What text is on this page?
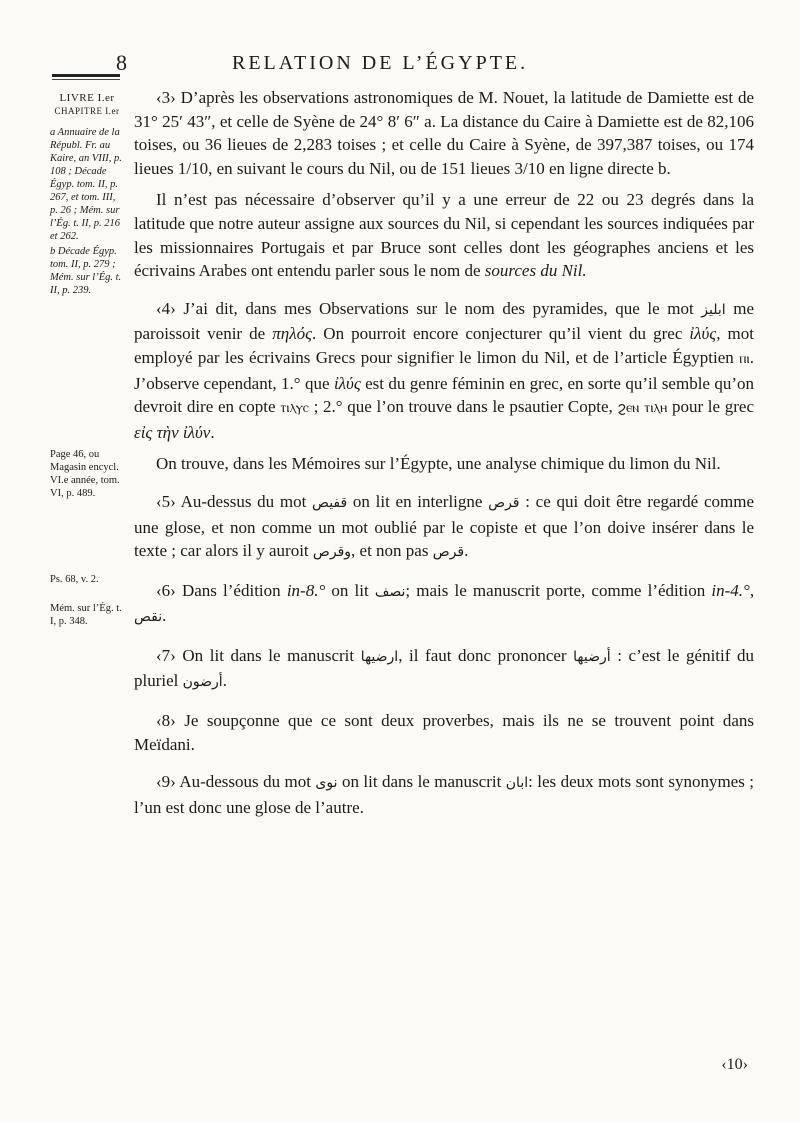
8	RELATION DE L’ÉGYPTE.
LIVRE I.er
CHAPITRE I.er
a Annuaire de la Républ. Fr. au Kaire, an VIII, p. 108 ; Décade Égyp. tom. II, p. 267, et tom. III, p. 26 ; Mém. sur l’Ég. t. II, p. 216 et 262.
b Décade Égyp. tom. II, p. 279 ; Mém. sur l’Ég. t. II, p. 239.
Page 46, ou Magasin encycl. VI.e année, tom. VI, p. 489.
Ps. 68, v. 2.
Mém. sur l’Ég. t. I, p. 348.

‹3› D’après les observations astronomiques de M. Nouet, la latitude de Damiette est de 31° 25′ 43″, et celle de Syène de 24° 8′ 6″ a. La distance du Caire à Damiette est de 82,106 toises, ou 36 lieues de 2,283 toises ; et celle du Caire à Syène, de 397,387 toises, ou 174 lieues 1/10, en suivant le cours du Nil, ou de 151 lieues 3/10 en ligne directe b.

Il n’est pas nécessaire d’observer qu’il y a une erreur de 22 ou 23 degrés dans la latitude que notre auteur assigne aux sources du Nil, si cependant les sources indiquées par les missionnaires Portugais et par Bruce sont celles dont les géographes anciens et les écrivains Arabes ont entendu parler sous le nom de sources du Nil.

‹4› J’ai dit, dans mes Observations sur le nom des pyramides, que le mot ابليز me paroissoit venir de πηλός. On pourroit encore conjecturer qu’il vient du grec ἰλύς, mot employé par les écrivains Grecs pour signifier le limon du Nil, et de l’article Égyptien ⲡⲓ. J’observe cependant, 1.° que ἰλύς est du genre féminin en grec, en sorte qu’il semble qu’on devroit dire en copte ⲧⲓⲗⲩⲥ ; 2.° que l’on trouve dans le psautier Copte, ϩⲉⲛ ⲧⲓⲗⲏ pour le grec εἰς τὴν ἰλύν.

On trouve, dans les Mémoires sur l’Égypte, une analyse chimique du limon du Nil.

‹5› Au-dessus du mot قفيص on lit en interligne قرص : ce qui doit être regardé comme une glose, et non comme un mot oublié par le copiste et que l’on doive insérer dans le texte ; car alors il y auroit وقرص, et non pas قرص.

‹6› Dans l’édition in-8.° on lit نصف; mais le manuscrit porte, comme l’édition in-4.°, نقص.

‹7› On lit dans le manuscrit ارضيها, il faut donc prononcer أرضيها : c’est le génitif du pluriel أرضون.

‹8› Je soupçonne que ce sont deux proverbes, mais ils ne se trouvent point dans Meïdani.

‹9› Au-dessous du mot نوى on lit dans le manuscrit ابان: les deux mots sont synonymes ; l’un est donc une glose de l’autre.

‹10›
